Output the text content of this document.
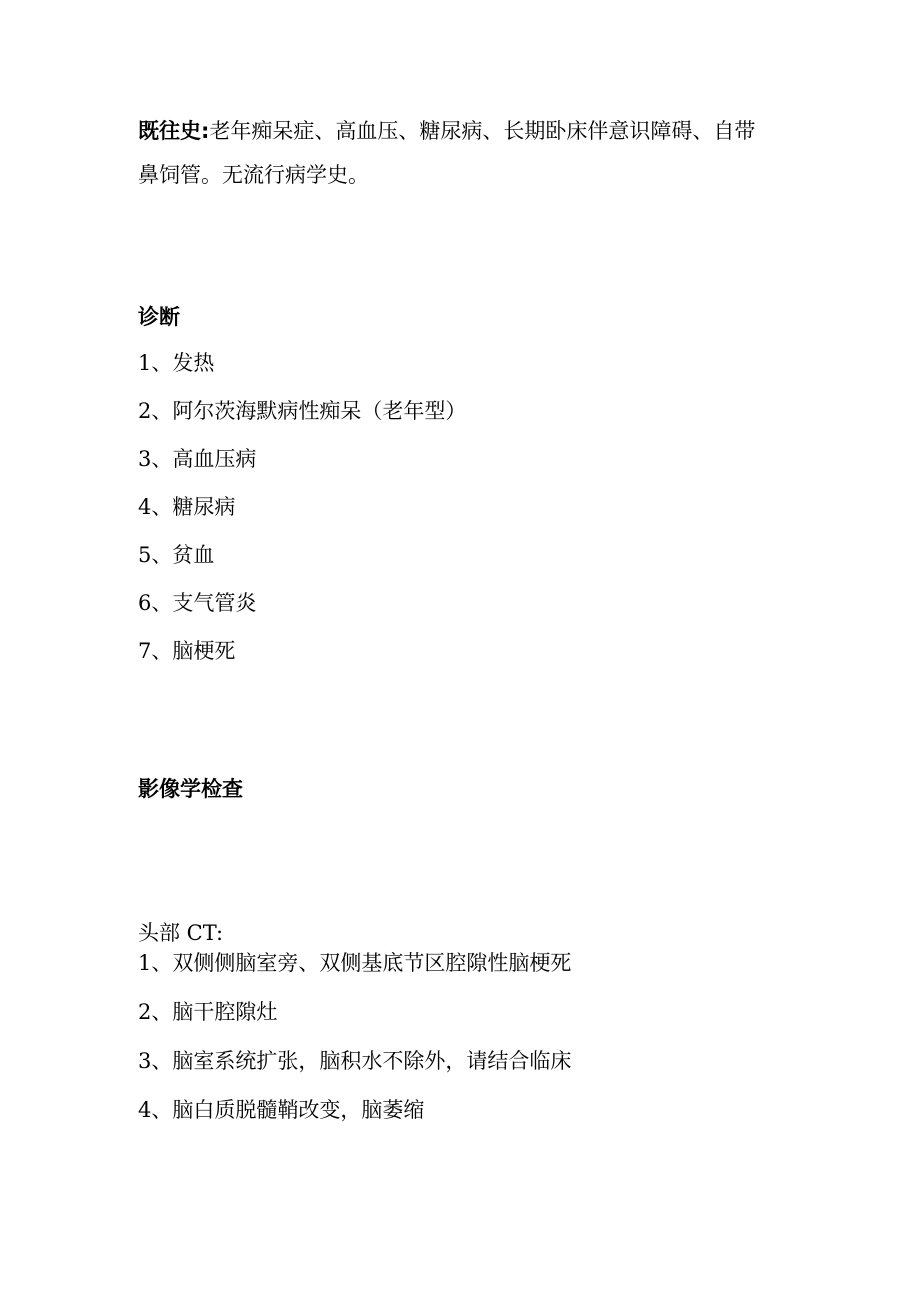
既往史:老年痴呆症、高血压、糖尿病、长期卧床伴意识障碍、自带
鼻饲管。无流行病学史。
诊断
1、发热
2、阿尔茨海默病性痴呆（老年型）
3、高血压病
4、糖尿病
5、贫血
6、支气管炎
7、脑梗死
影像学检查
头部 CT:
1、双侧侧脑室旁、双侧基底节区腔隙性脑梗死
2、脑干腔隙灶
3、脑室系统扩张，脑积水不除外，请结合临床
4、脑白质脱髓鞘改变，脑萎缩
